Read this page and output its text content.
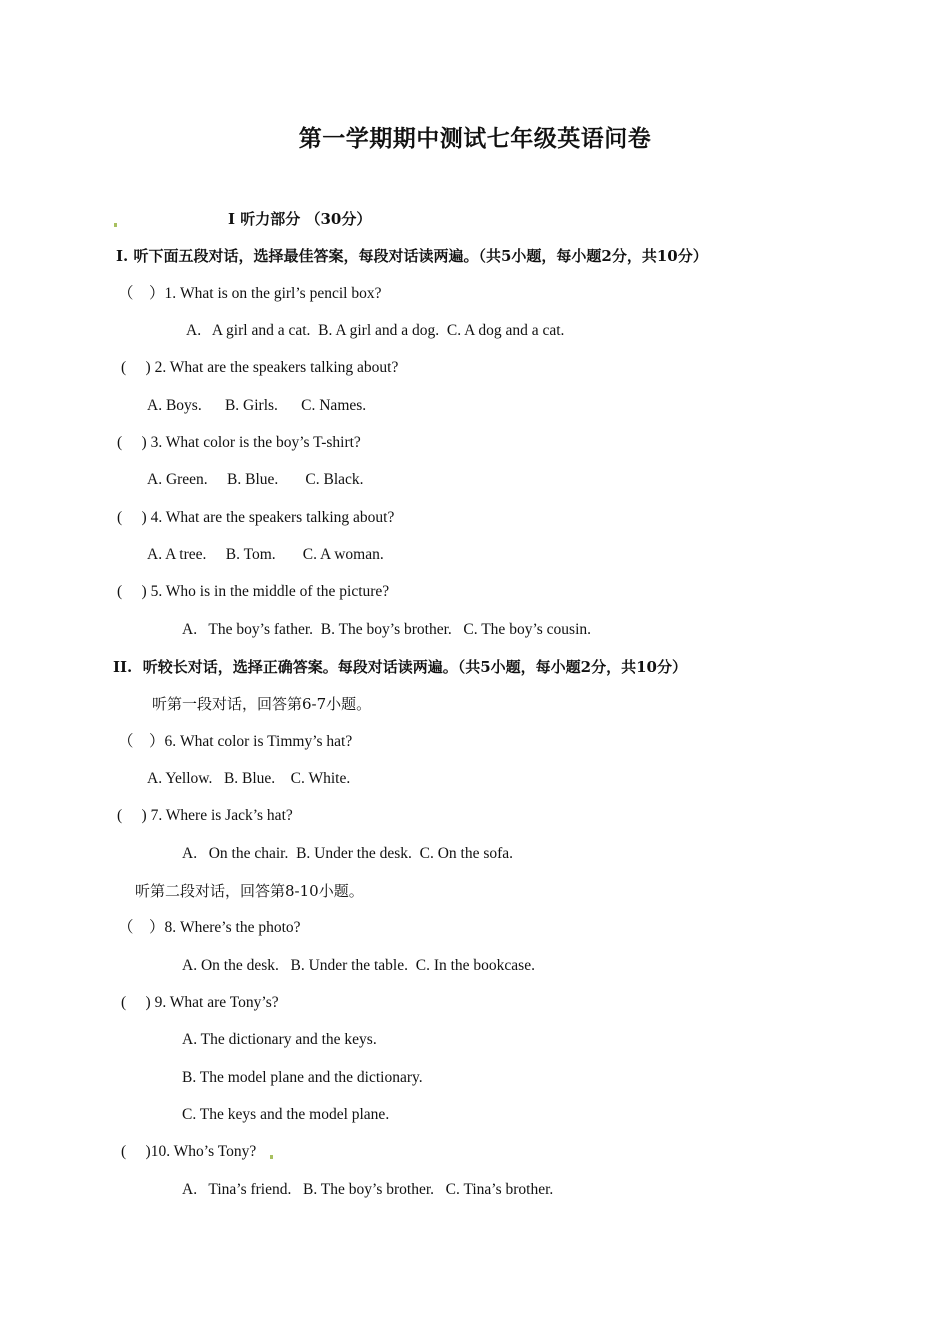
第一学期期中测试七年级英语问卷
Ⅰ 听力部分 （30分）
Ⅰ. 听下面五段对话，选择最佳答案，每段对话读两遍。（共5小题，每小题2分，共10分）
（    ）1. What is on the girl’s pencil box?
A.   A girl and a cat.  B. A girl and a dog.  C. A dog and a cat.
(     ) 2. What are the speakers talking about?
A. Boys.      B. Girls.      C. Names.
(     ) 3. What color is the boy’s T-shirt?
A. Green.     B. Blue.       C. Black.
(     ) 4. What are the speakers talking about?
A. A tree.     B. Tom.       C. A woman.
(     ) 5. Who is in the middle of the picture?
A.   The boy’s father.  B. The boy’s brother.   C. The boy’s cousin.
II.  听较长对话，选择正确答案。每段对话读两遍。（共5小题，每小题2分，共10分）
听第一段对话，回答第6-7小题。
（    ）6. What color is Timmy’s hat?
A. Yellow.   B. Blue.    C. White.
(     ) 7. Where is Jack’s hat?
A.   On the chair.  B. Under the desk.  C. On the sofa.
听第二段对话，回答第8-10小题。
（    ）8. Where’s the photo?
A. On the desk.   B. Under the table.  C. In the bookcase.
(     ) 9. What are Tony’s?
A. The dictionary and the keys.
B. The model plane and the dictionary.
C. The keys and the model plane.
(     )10. Who’s Tony?
A.   Tina’s friend.   B. The boy’s brother.   C. Tina’s brother.
